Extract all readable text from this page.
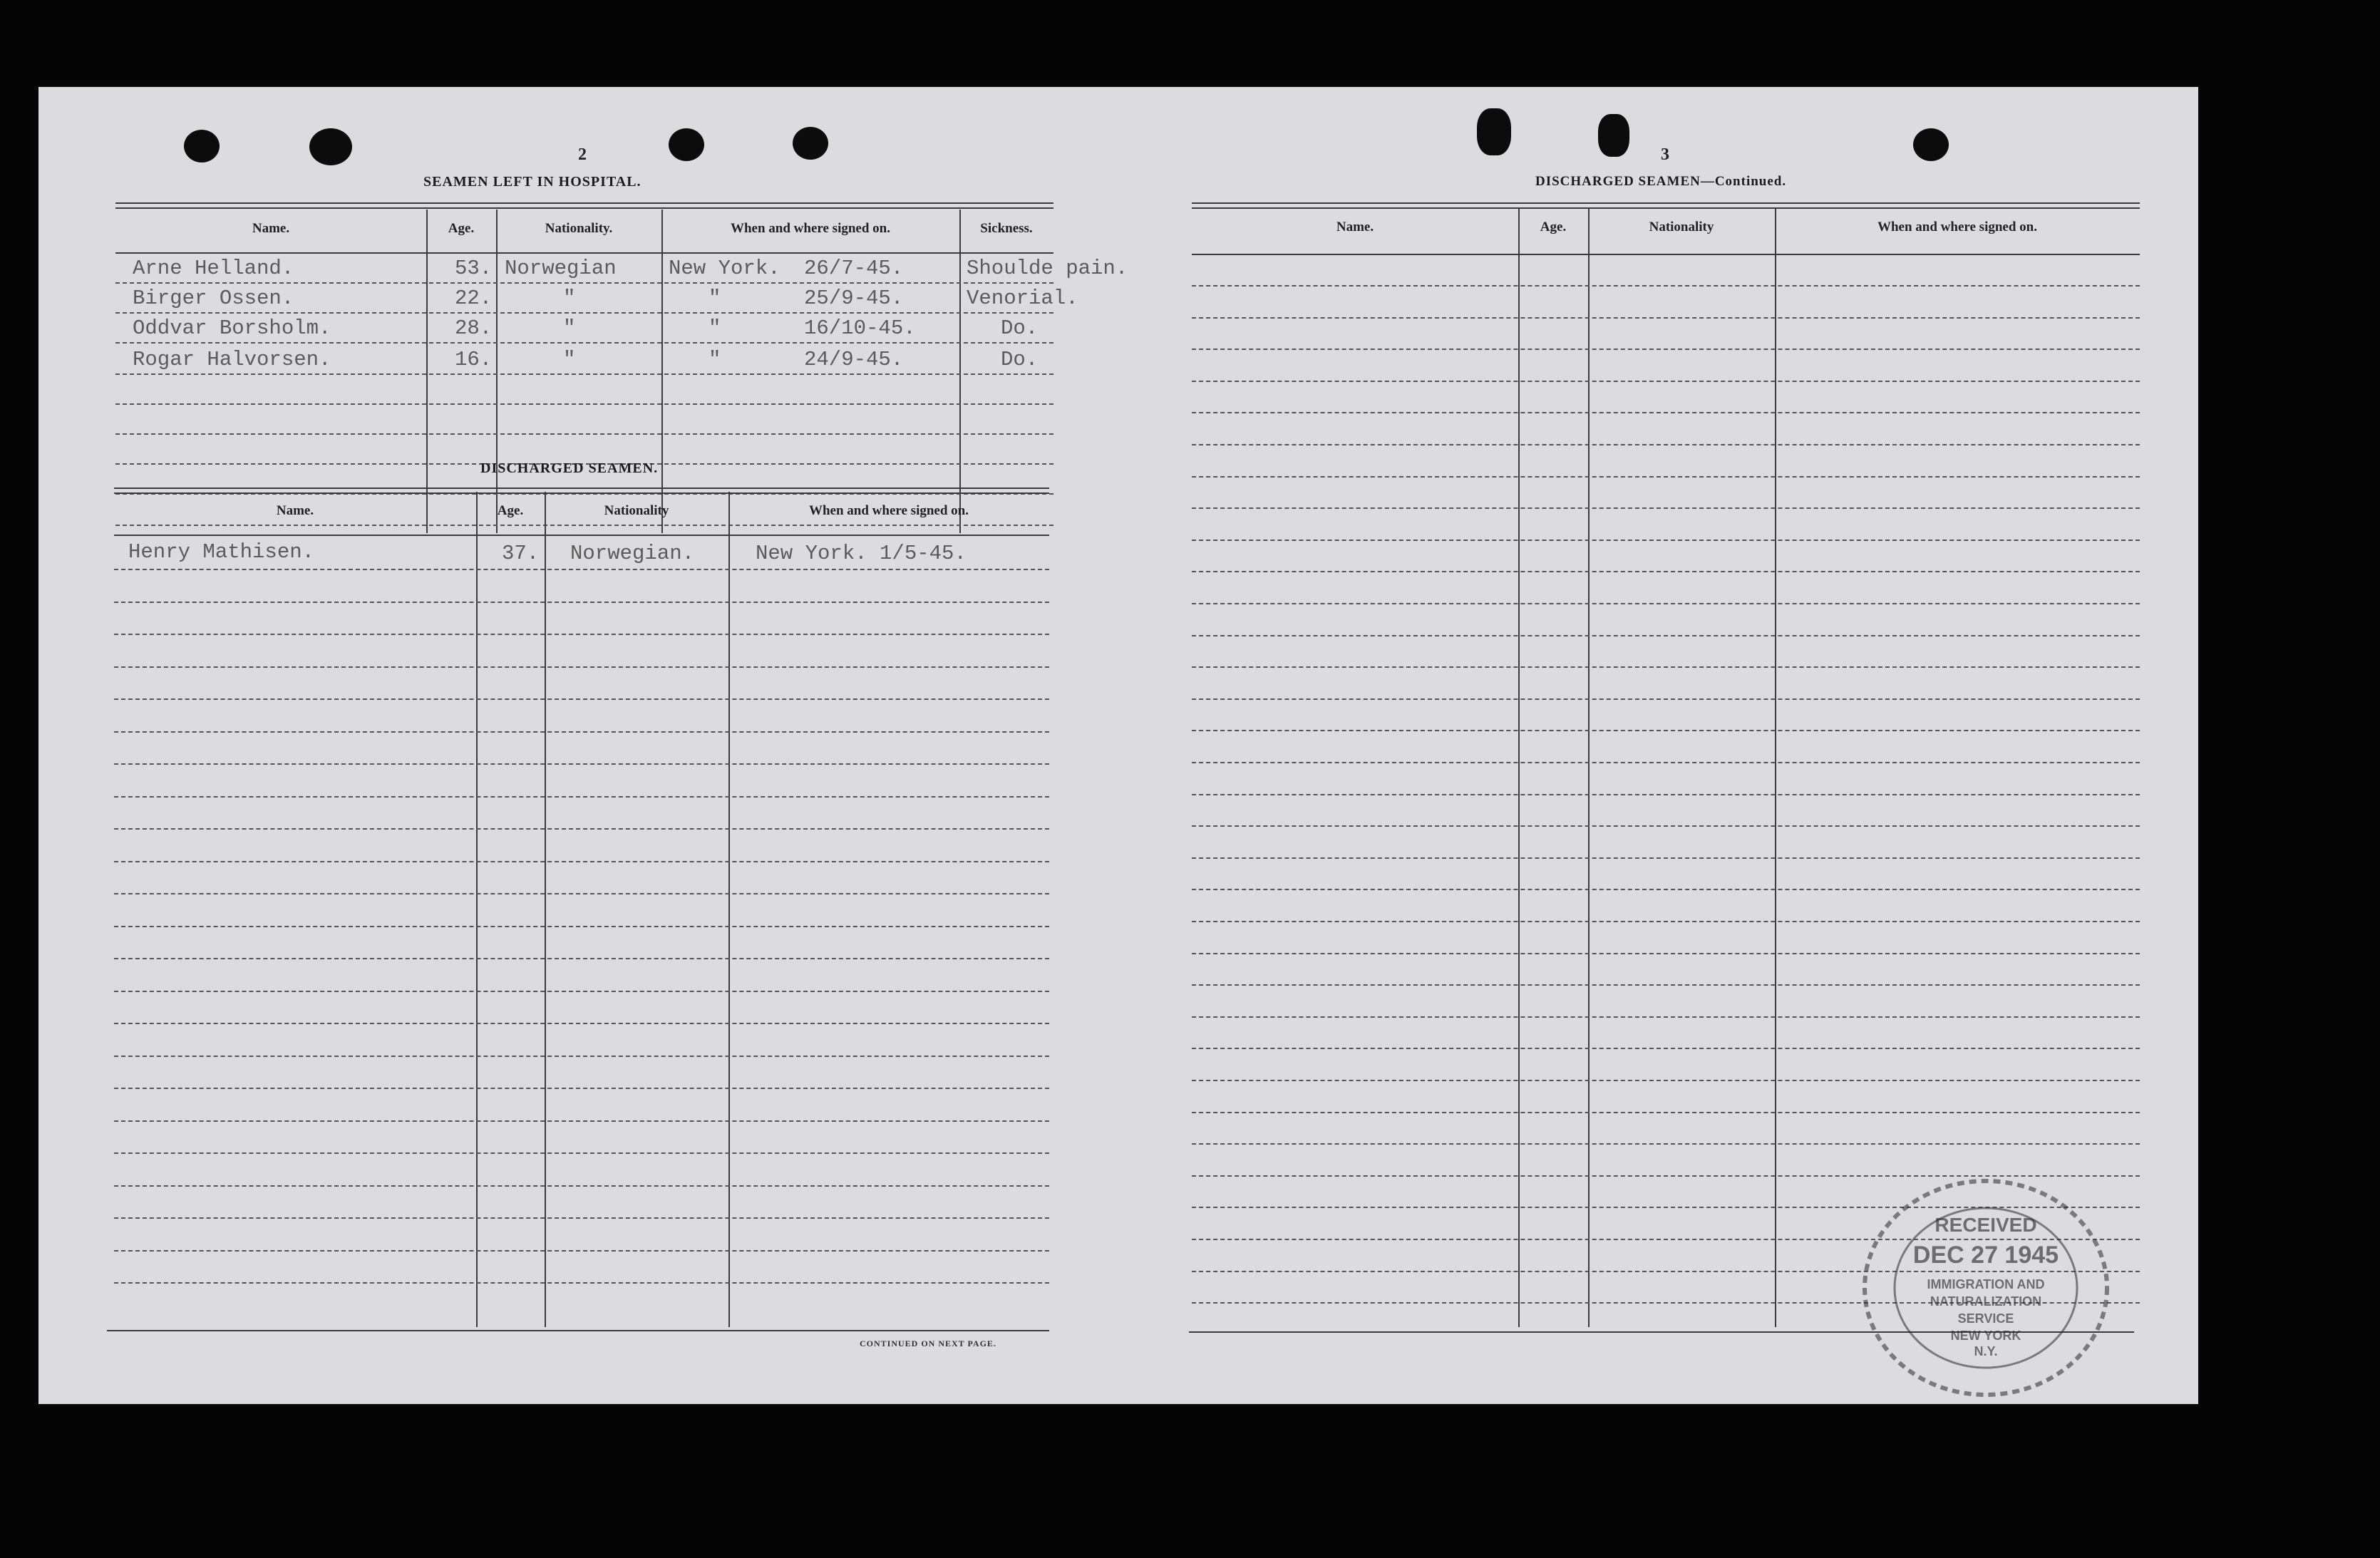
2
SEAMEN LEFT IN HOSPITAL.
Name.	Age.	Nationality.	When and where signed on.	Sickness.
Arne Helland.	53. Norwegian	New York. 26/7-45.	Shoulde pain.
Birger Ossen.	22.	"	"	25/9-45.	Venorial.
Oddvar Borsholm.	28.	"	"	16/10-45.	Do.
Rogar Halvorsen.	16.	"	"	24/9-45.	Do.
DISCHARGED SEAMEN.
Name.	Age.	Nationality	When and where signed on.
Henry Mathisen.	37. Norwegian.	New York. 1/5-45.
CONTINUED ON NEXT PAGE.
3
DISCHARGED SEAMEN—Continued.
Name.	Age.	Nationality	When and where signed on.
RECEIVED
DEC 27 1945
IMMIGRATION AND
NATURALIZATION
SERVICE
NEW YORK
N.Y.
